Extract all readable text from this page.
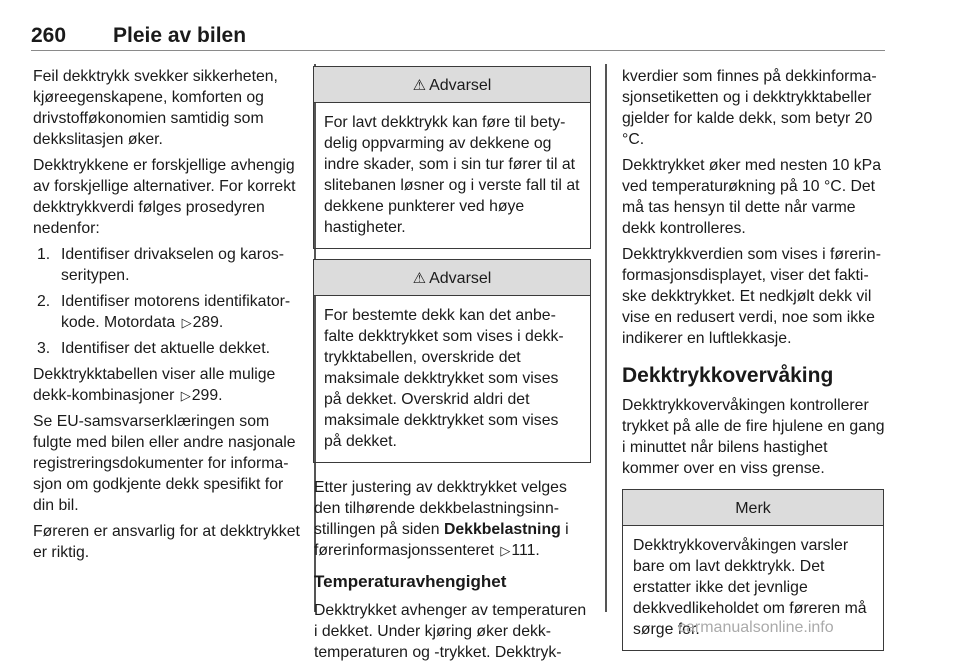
260 Pleie av bilen

Feil dekktrykk svekker sikkerheten, kjøreegenskapene, komforten og drivstofføkonomien samtidig som dekkslitasjen øker.

Dekktrykkene er forskjellige avhengig av forskjellige alternativer. For korrekt dekktrykkverdi følges prosedyren nedenfor:

1. Identifiser drivakselen og karosseritypen.
2. Identifiser motorens identifikatorkode. Motordata ▷289.
3. Identifiser det aktuelle dekket.

Dekktrykktabellen viser alle mulige dekk-kombinasjoner ▷299.

Se EU-samsvarserklæringen som fulgte med bilen eller andre nasjonale registreringsdokumenter for informasjon om godkjente dekk spesifikt for din bil.

Føreren er ansvarlig for at dekktrykket er riktig.

⚠ Advarsel
For lavt dekktrykk kan føre til betydelig oppvarming av dekkene og indre skader, som i sin tur fører til at slitebanen løsner og i verste fall til at dekkene punkterer ved høye hastigheter.
⚠ Advarsel
For bestemte dekk kan det anbefalte dekktrykket som vises i dekktrykktabellen, overskride det maksimale dekktrykket som vises på dekket. Overskrid aldri det maksimale dekktrykket som vises på dekket.

Etter justering av dekktrykket velges den tilhørende dekkbelastningsinnstillingen på siden Dekkbelastning i førerinformasjonssenteret ▷111.

Temperaturavhengighet

Dekktrykket avhenger av temperaturen i dekket. Under kjøring øker dekktemperaturen og -trykket. Dekktryk-

kverdier som finnes på dekkinformasjonsetiketten og i dekktrykktabeller gjelder for kalde dekk, som betyr 20 °C.

Dekktrykket øker med nesten 10 kPa ved temperaturøkning på 10 °C. Det må tas hensyn til dette når varme dekk kontrolleres.

Dekktrykkverdien som vises i førerinformasjonsdisplayet, viser det faktiske dekktrykket. Et nedkjølt dekk vil vise en redusert verdi, noe som ikke indikerer en luftlekkasje.

Dekktrykkovervåking

Dekktrykkovervåkingen kontrollerer trykket på alle de fire hjulene en gang i minuttet når bilens hastighet kommer over en viss grense.

Merk
Dekktrykkovervåkingen varsler bare om lavt dekktrykk. Det erstatter ikke det jevnlige dekkvedlikeholdet om føreren må sørge for.
carmanualsonline.info
